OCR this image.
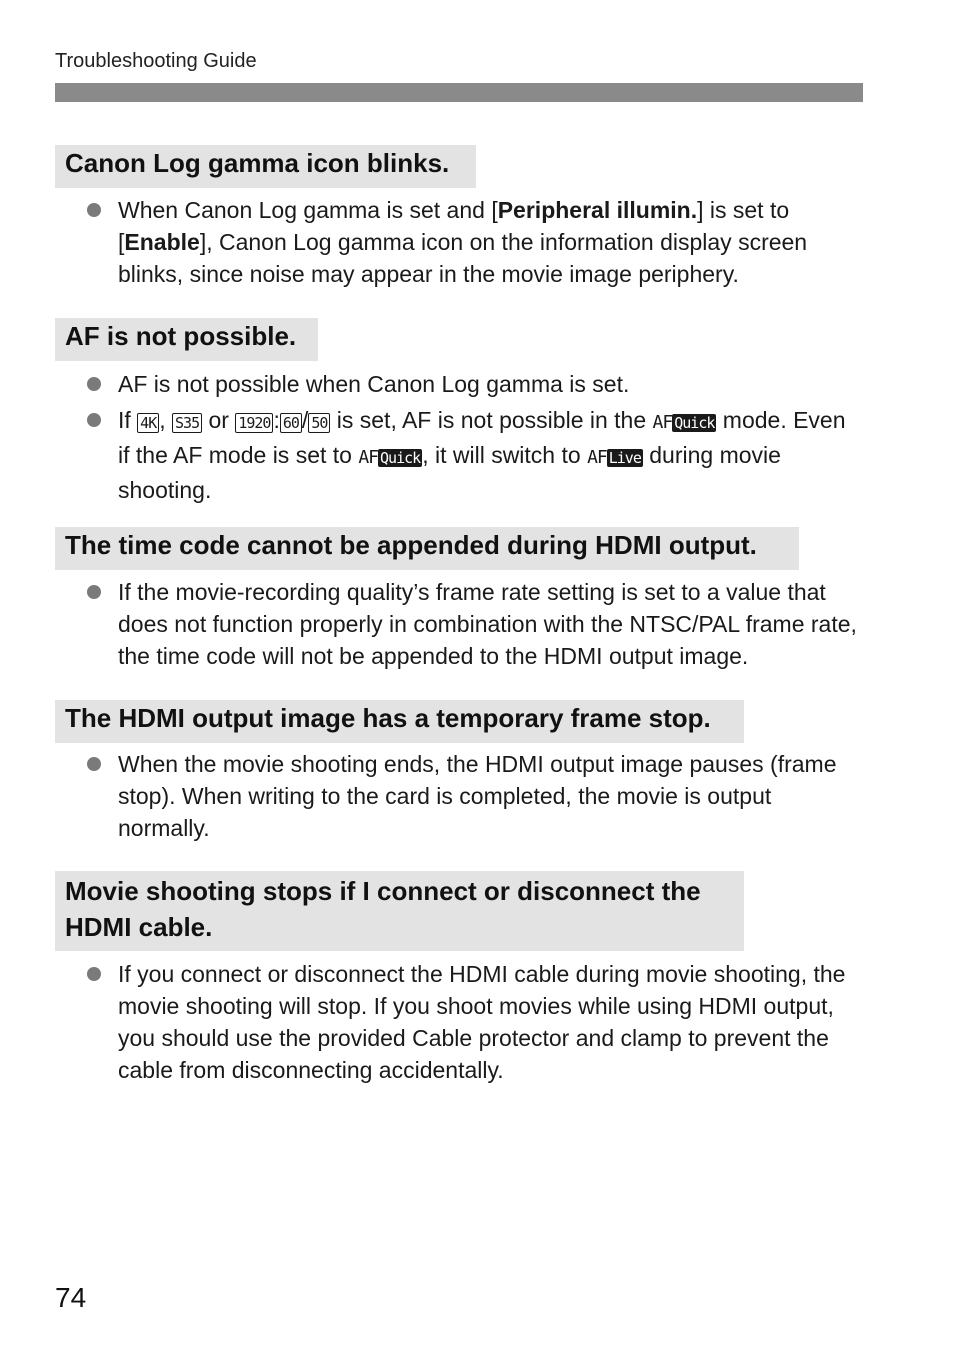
Troubleshooting Guide
Canon Log gamma icon blinks.
When Canon Log gamma is set and [Peripheral illumin.] is set to [Enable], Canon Log gamma icon on the information display screen blinks, since noise may appear in the movie image periphery.
AF is not possible.
AF is not possible when Canon Log gamma is set.
If 4K , S35 or 1920 : 60 / 50 is set, AF is not possible in the AF Quick mode. Even if the AF mode is set to AF Quick, it will switch to AF Live during movie shooting.
The time code cannot be appended during HDMI output.
If the movie-recording quality’s frame rate setting is set to a value that does not function properly in combination with the NTSC/PAL frame rate, the time code will not be appended to the HDMI output image.
The HDMI output image has a temporary frame stop.
When the movie shooting ends, the HDMI output image pauses (frame stop). When writing to the card is completed, the movie is output normally.
Movie shooting stops if I connect or disconnect the
HDMI cable.
If you connect or disconnect the HDMI cable during movie shooting, the movie shooting will stop. If you shoot movies while using HDMI output, you should use the provided Cable protector and clamp to prevent the cable from disconnecting accidentally.
74
